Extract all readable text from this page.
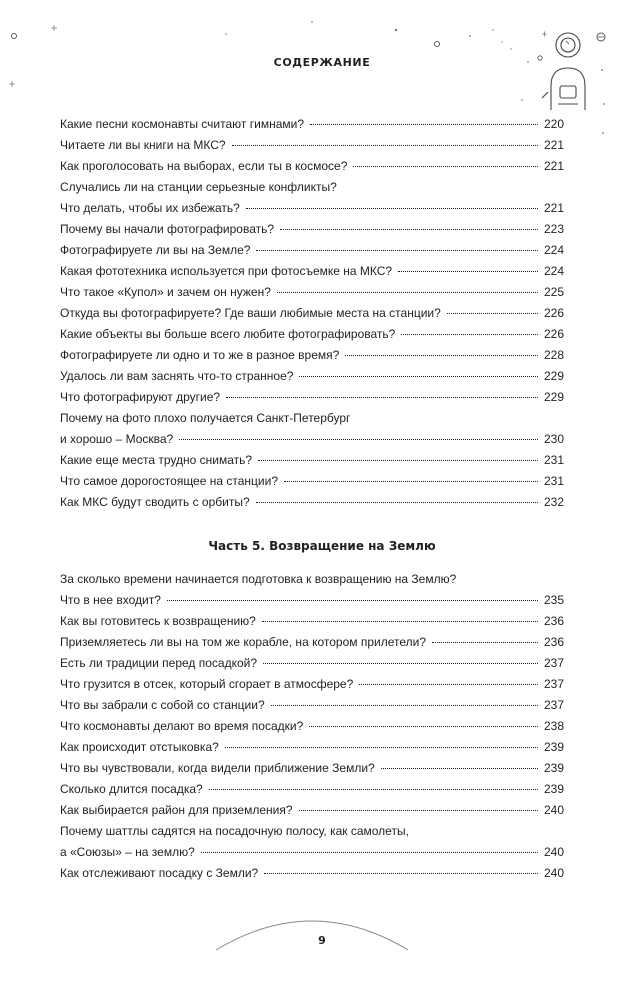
СОДЕРЖАНИЕ
Какие песни космонавты считают гимнами?	220
Читаете ли вы книги на МКС?	221
Как проголосовать на выборах, если ты в космосе?	221
Случались ли на станции серьезные конфликты?
Что делать, чтобы их избежать?	221
Почему вы начали фотографировать?	223
Фотографируете ли вы на Земле?	224
Какая фототехника используется при фотосъемке на МКС?	224
Что такое «Купол» и зачем он нужен?	225
Откуда вы фотографируете? Где ваши любимые места на станции?	226
Какие объекты вы больше всего любите фотографировать?	226
Фотографируете ли одно и то же в разное время?	228
Удалось ли вам заснять что-то странное?	229
Что фотографируют другие?	229
Почему на фото плохо получается Санкт-Петербург
и хорошо – Москва?	230
Какие еще места трудно снимать?	231
Что самое дорогостоящее на станции?	231
Как МКС будут сводить с орбиты?	232
Часть 5. Возвращение на Землю
За сколько времени начинается подготовка к возвращению на Землю?
Что в нее входит?	235
Как вы готовитесь к возвращению?	236
Приземляетесь ли вы на том же корабле, на котором прилетели?	236
Есть ли традиции перед посадкой?	237
Что грузится в отсек, который сгорает в атмосфере?	237
Что вы забрали с собой со станции?	237
Что космонавты делают во время посадки?	238
Как происходит отстыковка?	239
Что вы чувствовали, когда видели приближение Земли?	239
Сколько длится посадка?	239
Как выбирается район для приземления?	240
Почему шаттлы садятся на посадочную полосу, как самолеты,
а «Союзы» – на землю?	240
Как отслеживают посадку с Земли?	240
9
